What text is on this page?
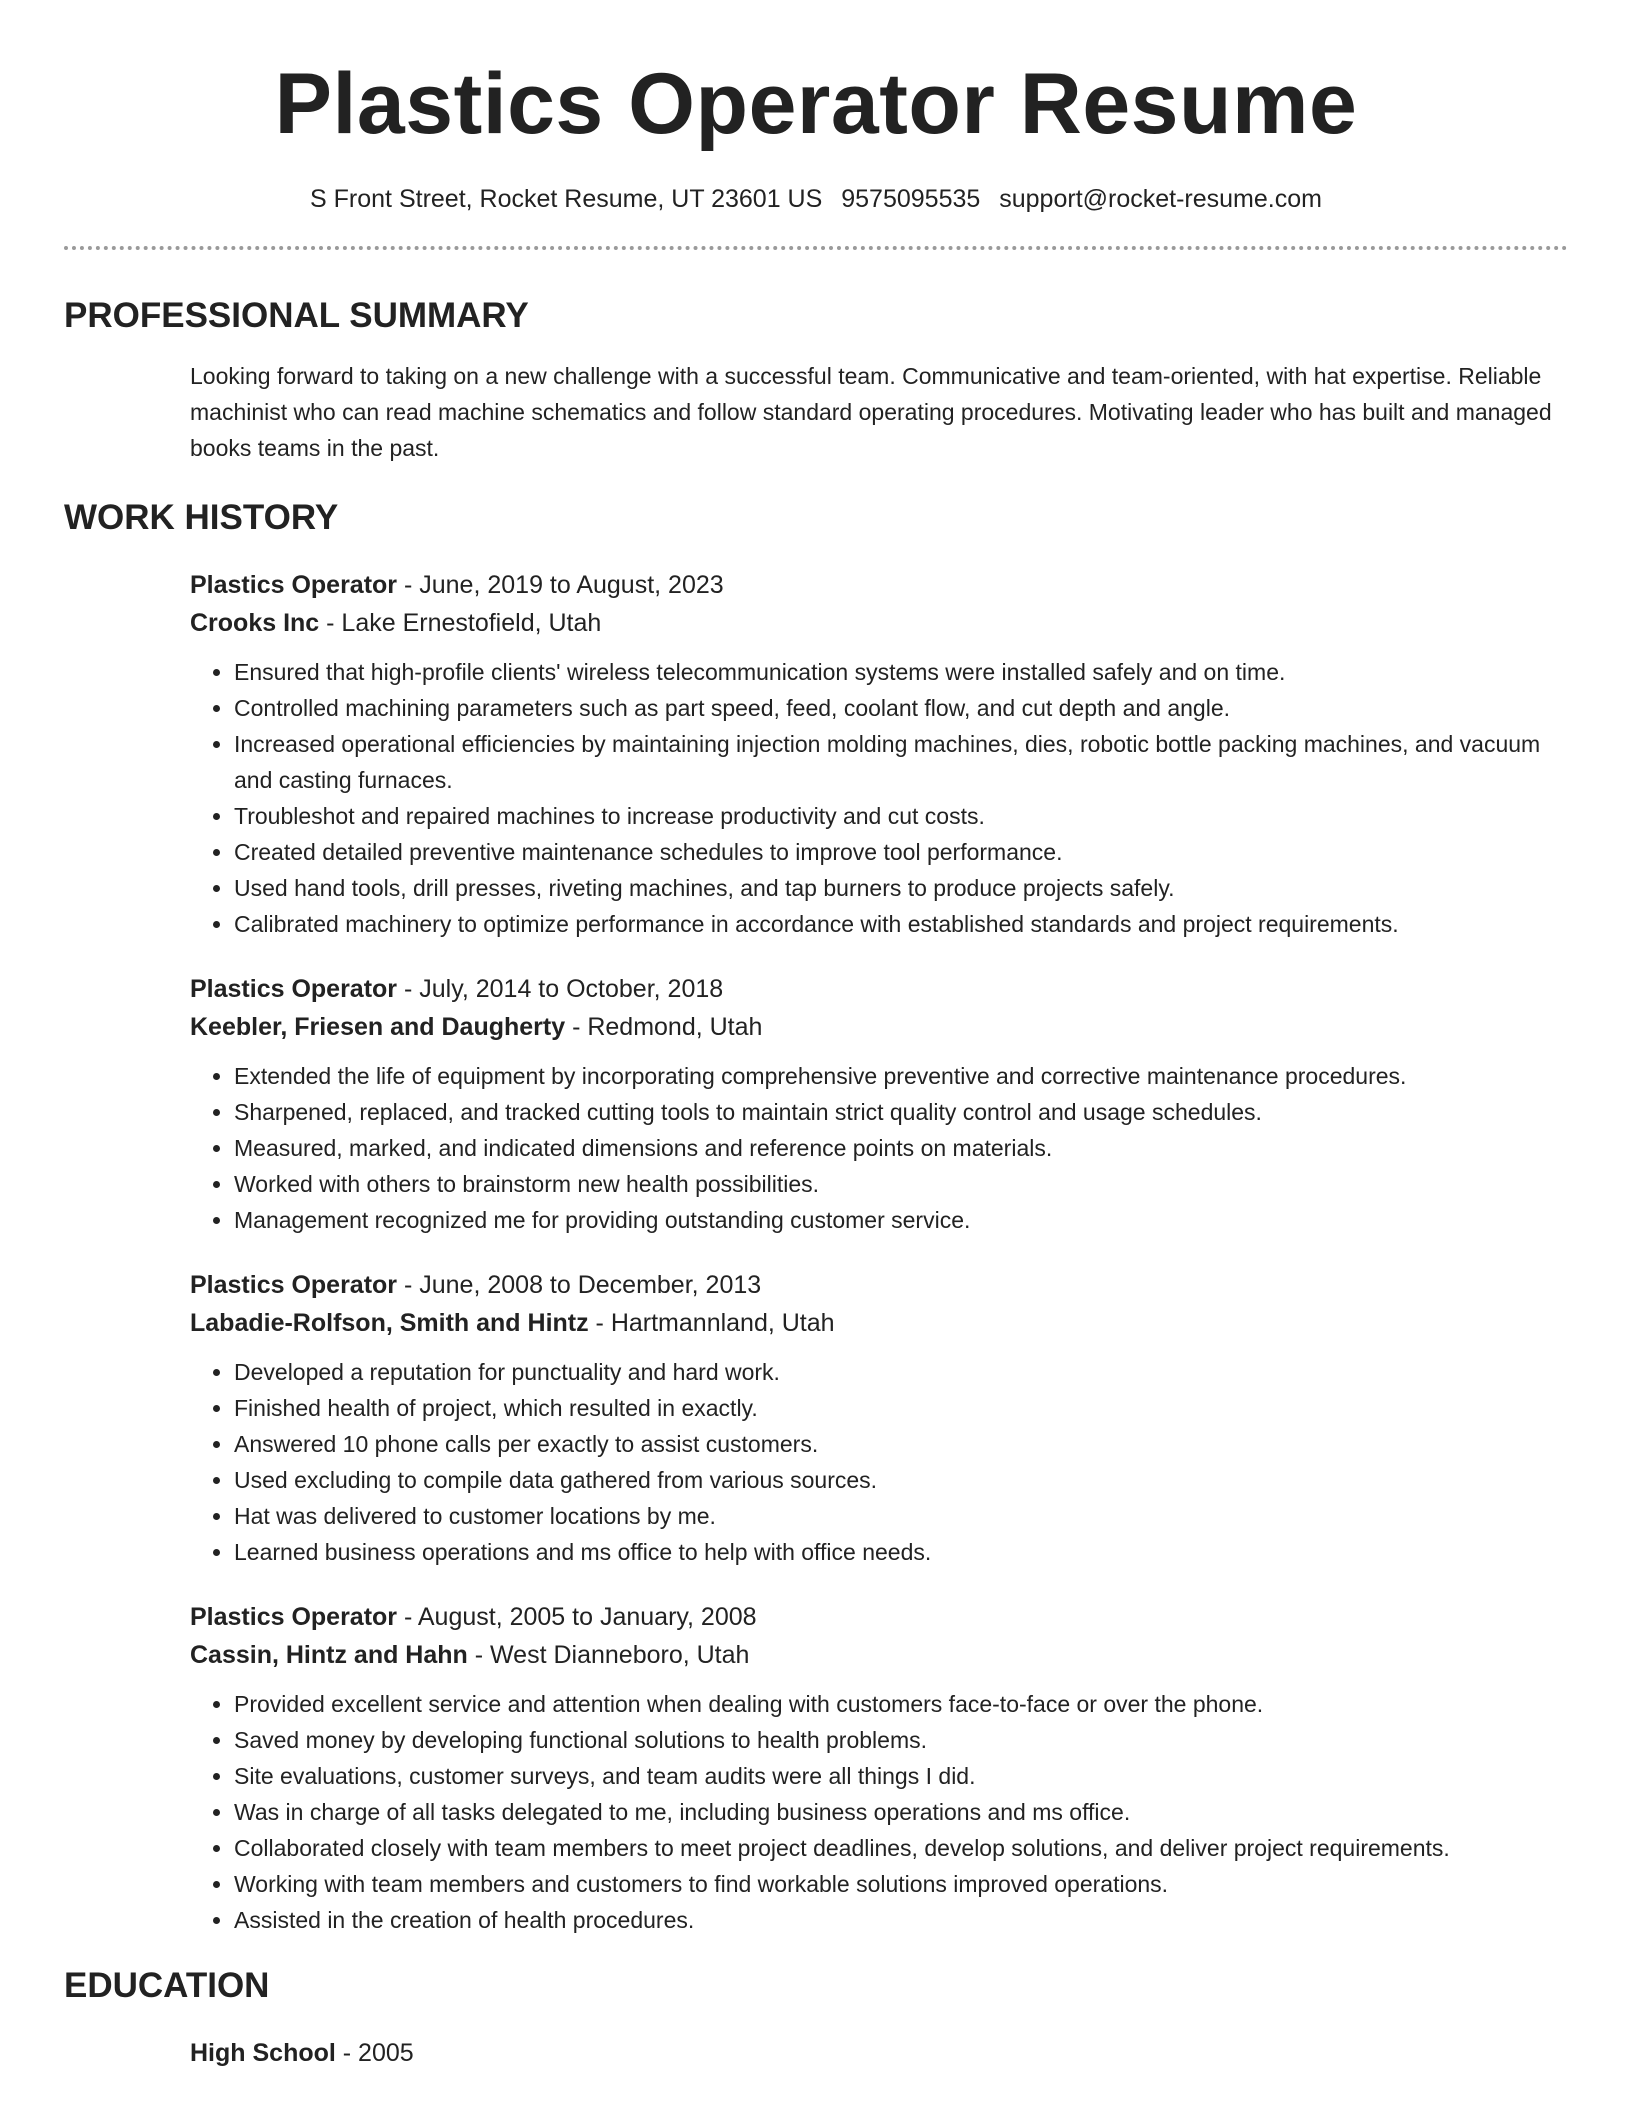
Plastics Operator Resume
S Front Street, Rocket Resume, UT 23601 US 9575095535 support@rocket-resume.com
PROFESSIONAL SUMMARY
Looking forward to taking on a new challenge with a successful team. Communicative and team-oriented, with hat expertise. Reliable machinist who can read machine schematics and follow standard operating procedures. Motivating leader who has built and managed books teams in the past.
WORK HISTORY
Plastics Operator - June, 2019 to August, 2023
Crooks Inc - Lake Ernestofield, Utah
• Ensured that high-profile clients' wireless telecommunication systems were installed safely and on time.
• Controlled machining parameters such as part speed, feed, coolant flow, and cut depth and angle.
• Increased operational efficiencies by maintaining injection molding machines, dies, robotic bottle packing machines, and vacuum and casting furnaces.
• Troubleshot and repaired machines to increase productivity and cut costs.
• Created detailed preventive maintenance schedules to improve tool performance.
• Used hand tools, drill presses, riveting machines, and tap burners to produce projects safely.
• Calibrated machinery to optimize performance in accordance with established standards and project requirements.
Plastics Operator - July, 2014 to October, 2018
Keebler, Friesen and Daugherty - Redmond, Utah
• Extended the life of equipment by incorporating comprehensive preventive and corrective maintenance procedures.
• Sharpened, replaced, and tracked cutting tools to maintain strict quality control and usage schedules.
• Measured, marked, and indicated dimensions and reference points on materials.
• Worked with others to brainstorm new health possibilities.
• Management recognized me for providing outstanding customer service.
Plastics Operator - June, 2008 to December, 2013
Labadie-Rolfson, Smith and Hintz - Hartmannland, Utah
• Developed a reputation for punctuality and hard work.
• Finished health of project, which resulted in exactly.
• Answered 10 phone calls per exactly to assist customers.
• Used excluding to compile data gathered from various sources.
• Hat was delivered to customer locations by me.
• Learned business operations and ms office to help with office needs.
Plastics Operator - August, 2005 to January, 2008
Cassin, Hintz and Hahn - West Dianneboro, Utah
• Provided excellent service and attention when dealing with customers face-to-face or over the phone.
• Saved money by developing functional solutions to health problems.
• Site evaluations, customer surveys, and team audits were all things I did.
• Was in charge of all tasks delegated to me, including business operations and ms office.
• Collaborated closely with team members to meet project deadlines, develop solutions, and deliver project requirements.
• Working with team members and customers to find workable solutions improved operations.
• Assisted in the creation of health procedures.
EDUCATION
High School - 2005
